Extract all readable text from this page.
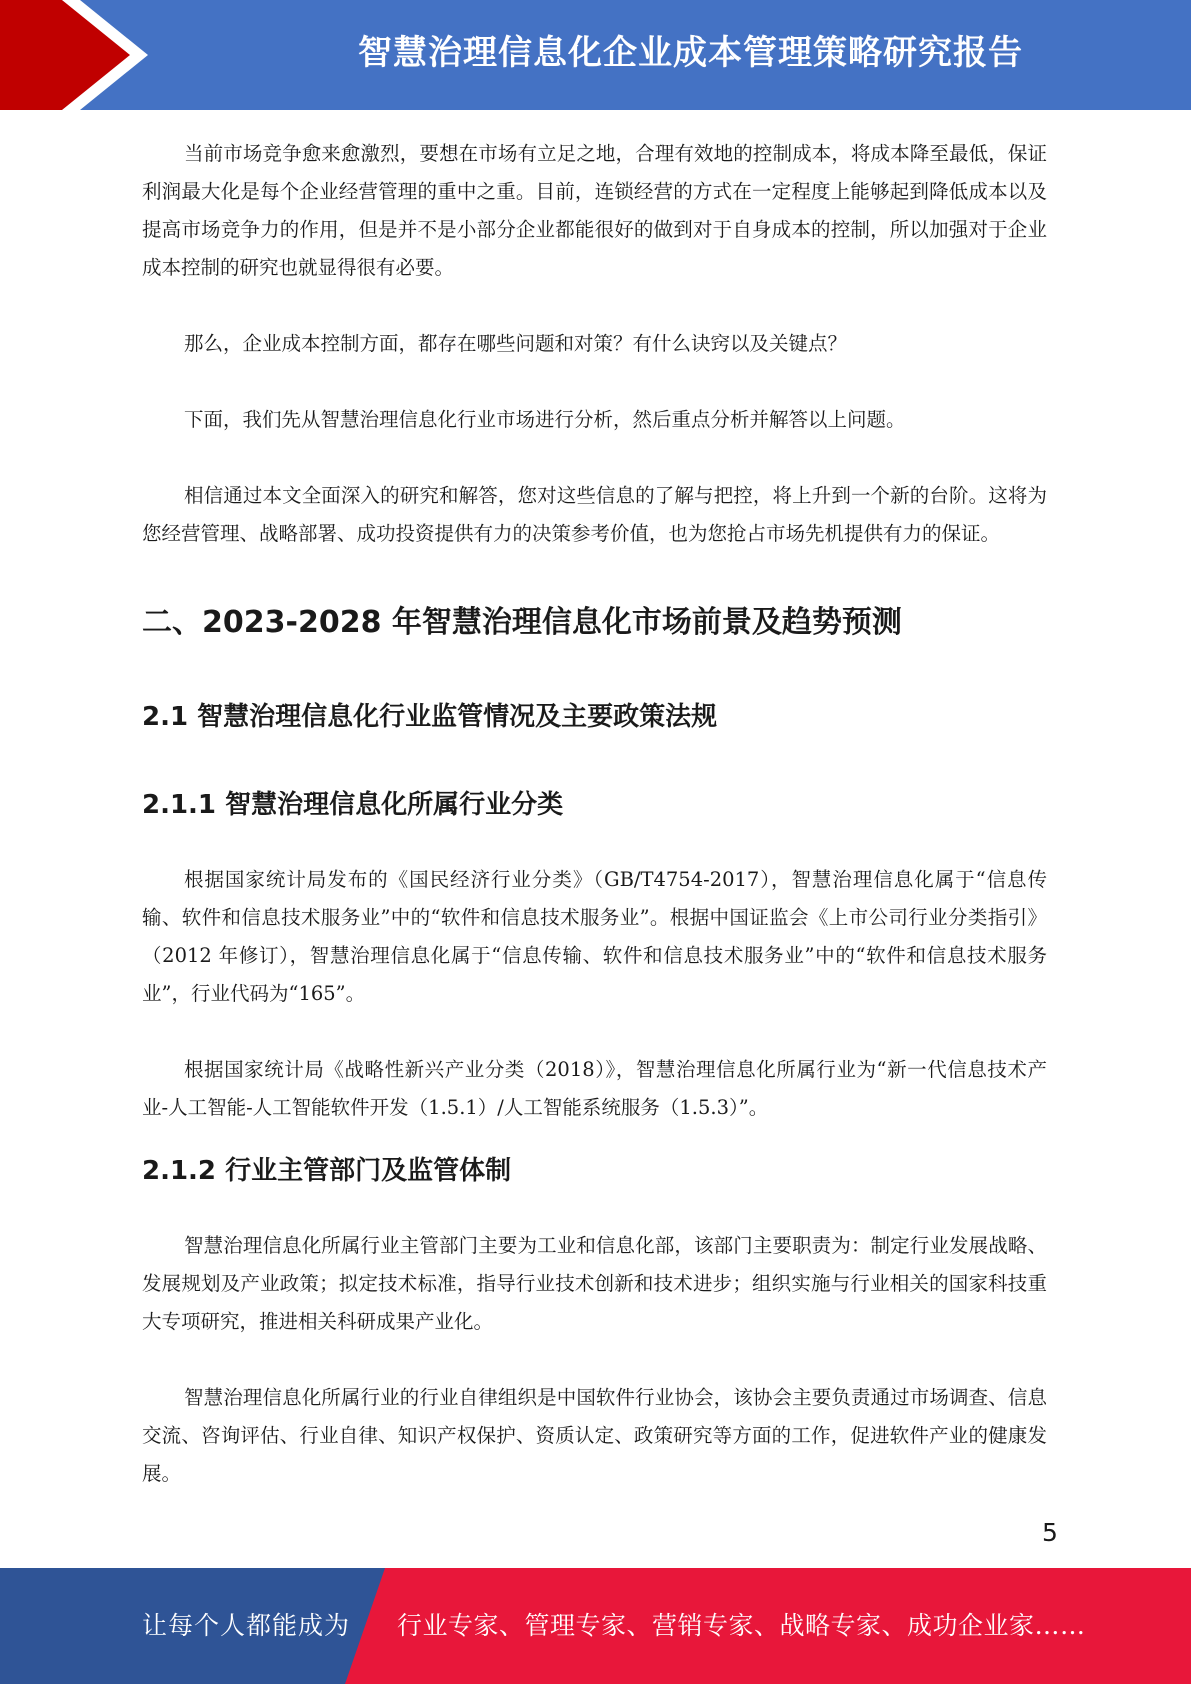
智慧治理信息化企业成本管理策略研究报告

当前市场竞争愈来愈激烈，要想在市场有立足之地，合理有效地的控制成本，将成本降至最低，保证利润最大化是每个企业经营管理的重中之重。目前，连锁经营的方式在一定程度上能够起到降低成本以及提高市场竞争力的作用，但是并不是小部分企业都能很好的做到对于自身成本的控制，所以加强对于企业成本控制的研究也就显得很有必要。

那么，企业成本控制方面，都存在哪些问题和对策？有什么诀窍以及关键点？

下面，我们先从智慧治理信息化行业市场进行分析，然后重点分析并解答以上问题。

相信通过本文全面深入的研究和解答，您对这些信息的了解与把控，将上升到一个新的台阶。这将为您经营管理、战略部署、成功投资提供有力的决策参考价值，也为您抢占市场先机提供有力的保证。

二、2023-2028 年智慧治理信息化市场前景及趋势预测
2.1 智慧治理信息化行业监管情况及主要政策法规
2.1.1 智慧治理信息化所属行业分类

根据国家统计局发布的《国民经济行业分类》（GB/T4754-2017），智慧治理信息化属于“信息传输、软件和信息技术服务业”中的“软件和信息技术服务业”。根据中国证监会《上市公司行业分类指引》（2012 年修订），智慧治理信息化属于“信息传输、软件和信息技术服务业”中的“软件和信息技术服务业”，行业代码为“165”。

根据国家统计局《战略性新兴产业分类（2018）》，智慧治理信息化所属行业为“新一代信息技术产业-人工智能-人工智能软件开发（1.5.1）/人工智能系统服务（1.5.3）”。

2.1.2 行业主管部门及监管体制

智慧治理信息化所属行业主管部门主要为工业和信息化部，该部门主要职责为：制定行业发展战略、发展规划及产业政策；拟定技术标准，指导行业技术创新和技术进步；组织实施与行业相关的国家科技重大专项研究，推进相关科研成果产业化。

智慧治理信息化所属行业的行业自律组织是中国软件行业协会，该协会主要负责通过市场调查、信息交流、咨询评估、行业自律、知识产权保护、资质认定、政策研究等方面的工作，促进软件产业的健康发展。

5
让每个人都能成为 行业专家、管理专家、营销专家、战略专家、成功企业家……
